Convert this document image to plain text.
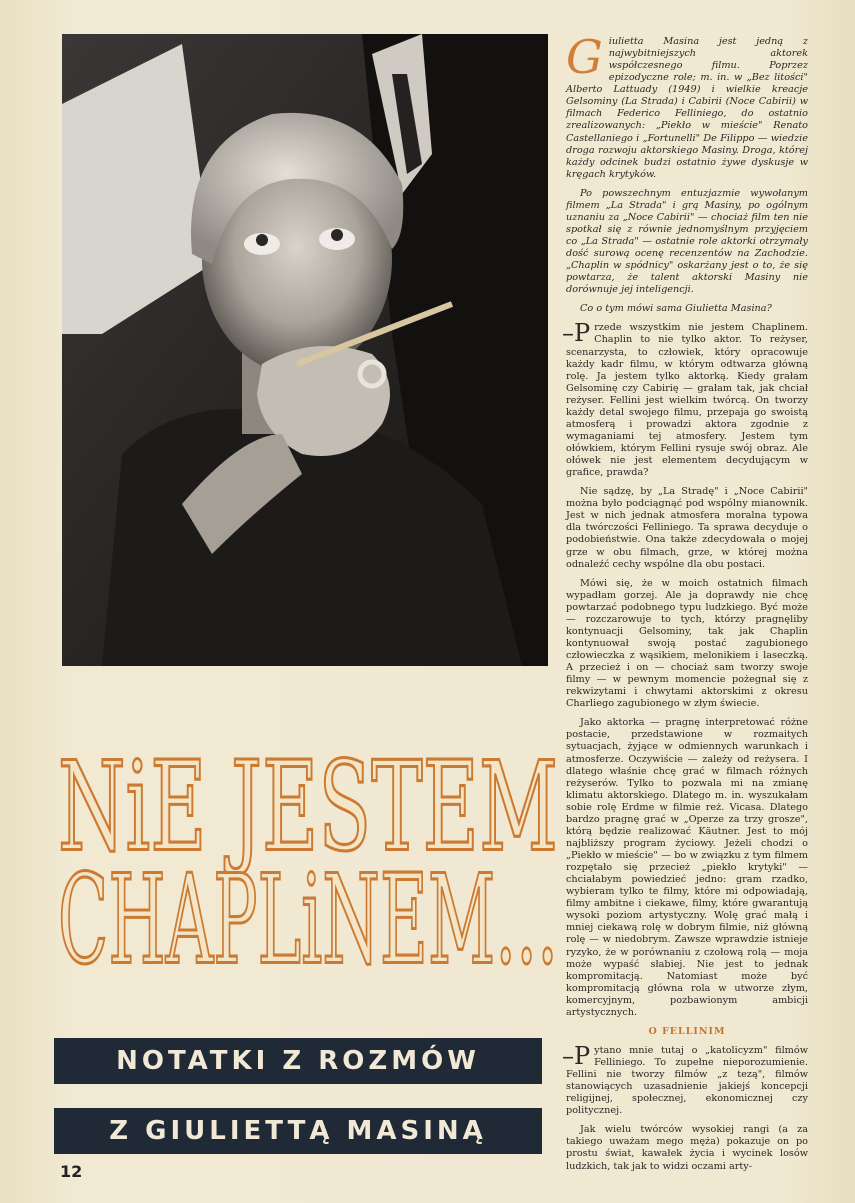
NiE JESTEM
CHAPLiNEM...
NOTATKI Z ROZMÓW
Z GIULIETTĄ MASINĄ
12

Giulietta Masina jest jedną z najwybitniejszych aktorek współczesnego filmu. Poprzez epizodyczne role; m. in. w „Bez litości" Alberto Lattuady (1949) i wielkie kreacje Gelsominy (La Strada) i Cabirii (Noce Cabirii) w filmach Federico Felliniego, do ostatnio zrealizowanych: „Piekło w mieście" Renato Castellaniego i „Fortunelli" De Filippo — wiedzie droga rozwoju aktorskiego Masiny. Droga, której każdy odcinek budzi ostatnio żywe dyskusje w kręgach krytyków.

Po powszechnym entuzjazmie wywołanym filmem „La Strada" i grą Masiny, po ogólnym uznaniu za „Noce Cabirii" — chociaż film ten nie spotkał się z równie jednomyślnym przyjęciem co „La Strada" — ostatnie role aktorki otrzymały dość surową ocenę recenzentów na Zachodzie. „Chaplin w spódnicy" oskarżany jest o to, że się powtarza, że talent aktorski Masiny nie dorównuje jej inteligencji.

Co o tym mówi sama Giulietta Masina?

–P rzede wszystkim nie jestem Chaplinem. Chaplin to nie tylko aktor. To reżyser, scenarzysta, to człowiek, który opracowuje każdy kadr filmu, w którym odtwarza główną rolę. Ja jestem tylko aktorką. Kiedy grałam Gelsominę czy Cabirię — grałam tak, jak chciał reżyser. Fellini jest wielkim twórcą. On tworzy każdy detal swojego filmu, przepaja go swoistą atmosferą i prowadzi aktora zgodnie z wymaganiami tej atmosfery. Jestem tym ołówkiem, którym Fellini rysuje swój obraz. Ale ołówek nie jest elementem decydującym w grafice, prawda?

Nie sądzę, by „La Stradę" i „Noce Cabirii" można było podciągnąć pod wspólny mianownik. Jest w nich jednak atmosfera moralna typowa dla twórczości Felliniego. Ta sprawa decyduje o podobieństwie. Ona także zdecydowała o mojej grze w obu filmach, grze, w której można odnaleźć cechy wspólne dla obu postaci.

Mówi się, że w moich ostatnich filmach wypadłam gorzej. Ale ja doprawdy nie chcę powtarzać podobnego typu ludzkiego. Być może — rozczarowuje to tych, którzy pragnęliby kontynuacji Gelsominy, tak jak Chaplin kontynuował swoją postać zagubionego człowieczka z wąsikiem, melonikiem i laseczką. A przecież i on — chociaż sam tworzy swoje filmy — w pewnym momencie pożegnał się z rekwizytami i chwytami aktorskimi z okresu Charliego zagubionego w złym świecie.

Jako aktorka — pragnę interpretować różne postacie, przedstawione w rozmaitych sytuacjach, żyjące w odmiennych warunkach i atmosferze. Oczywiście — zależy od reżysera. I dlatego właśnie chcę grać w filmach różnych reżyserów. Tylko to pozwala mi na zmianę klimatu aktorskiego. Dlatego m. in. wyszukałam sobie rolę Erdme w filmie reż. Vicasa. Dlatego bardzo pragnę grać w „Operze za trzy grosze", którą będzie realizować Käutner. Jest to mój najbliższy program życiowy. Jeżeli chodzi o „Piekło w mieście" — bo w związku z tym filmem rozpętało się przecież „piekło krytyki" — chciałabym powiedzieć jedno: gram rzadko, wybieram tylko te filmy, które mi odpowiadają, filmy ambitne i ciekawe, filmy, które gwarantują wysoki poziom artystyczny. Wolę grać małą i mniej ciekawą rolę w dobrym filmie, niż główną rolę — w niedobrym. Zawsze wprawdzie istnieje ryzyko, że w porównaniu z czołową rolą — moja może wypaść słabiej. Nie jest to jednak kompromitacją. Natomiast może być kompromitacją główna rola w utworze złym, komercyjnym, pozbawionym ambicji artystycznych.

O FELLINIM

–P ytano mnie tutaj o „katolicyzm" filmów Felliniego. To zupełne nieporozumienie. Fellini nie tworzy filmów „z tezą", filmów stanowiących uzasadnienie jakiejś koncepcji religijnej, społecznej, ekonomicznej czy politycznej.

Jak wielu twórców wysokiej rangi (a za takiego uważam mego męża) pokazuje on po prostu świat, kawałek życia i wycinek losów ludzkich, tak jak to widzi oczami arty-
